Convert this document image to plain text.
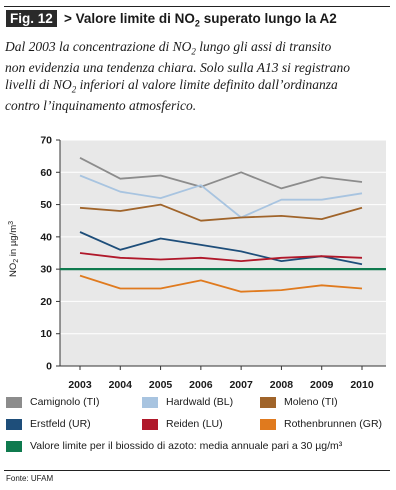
Fig. 12 > Valore limite di $NO_2$ superato lungo la A2

Dal 2003 la concentrazione di $NO_2$ lungo gli assi di transito

non evidenzia una tendenza chiara. Solo sulla A13 si registrano

livelli di $NO_2$ inferiori al valore limite definito dall’ordinanza

contro l’inquinamento atmosferico.

0
10
20
30
40
50
60
70
2003 2004 2005 2006 2007 2008 2009 2010
$NO_2$ in $\mu g/m^3$
Camignolo (TI)	Hardwald (BL)	Moleno (TI)
Erstfeld (UR)	Reiden (LU)	Rothenbrunnen (GR)
Valore limite per il biossido di azoto: media annuale pari a 30 µg/m³
Fonte: UFAM
